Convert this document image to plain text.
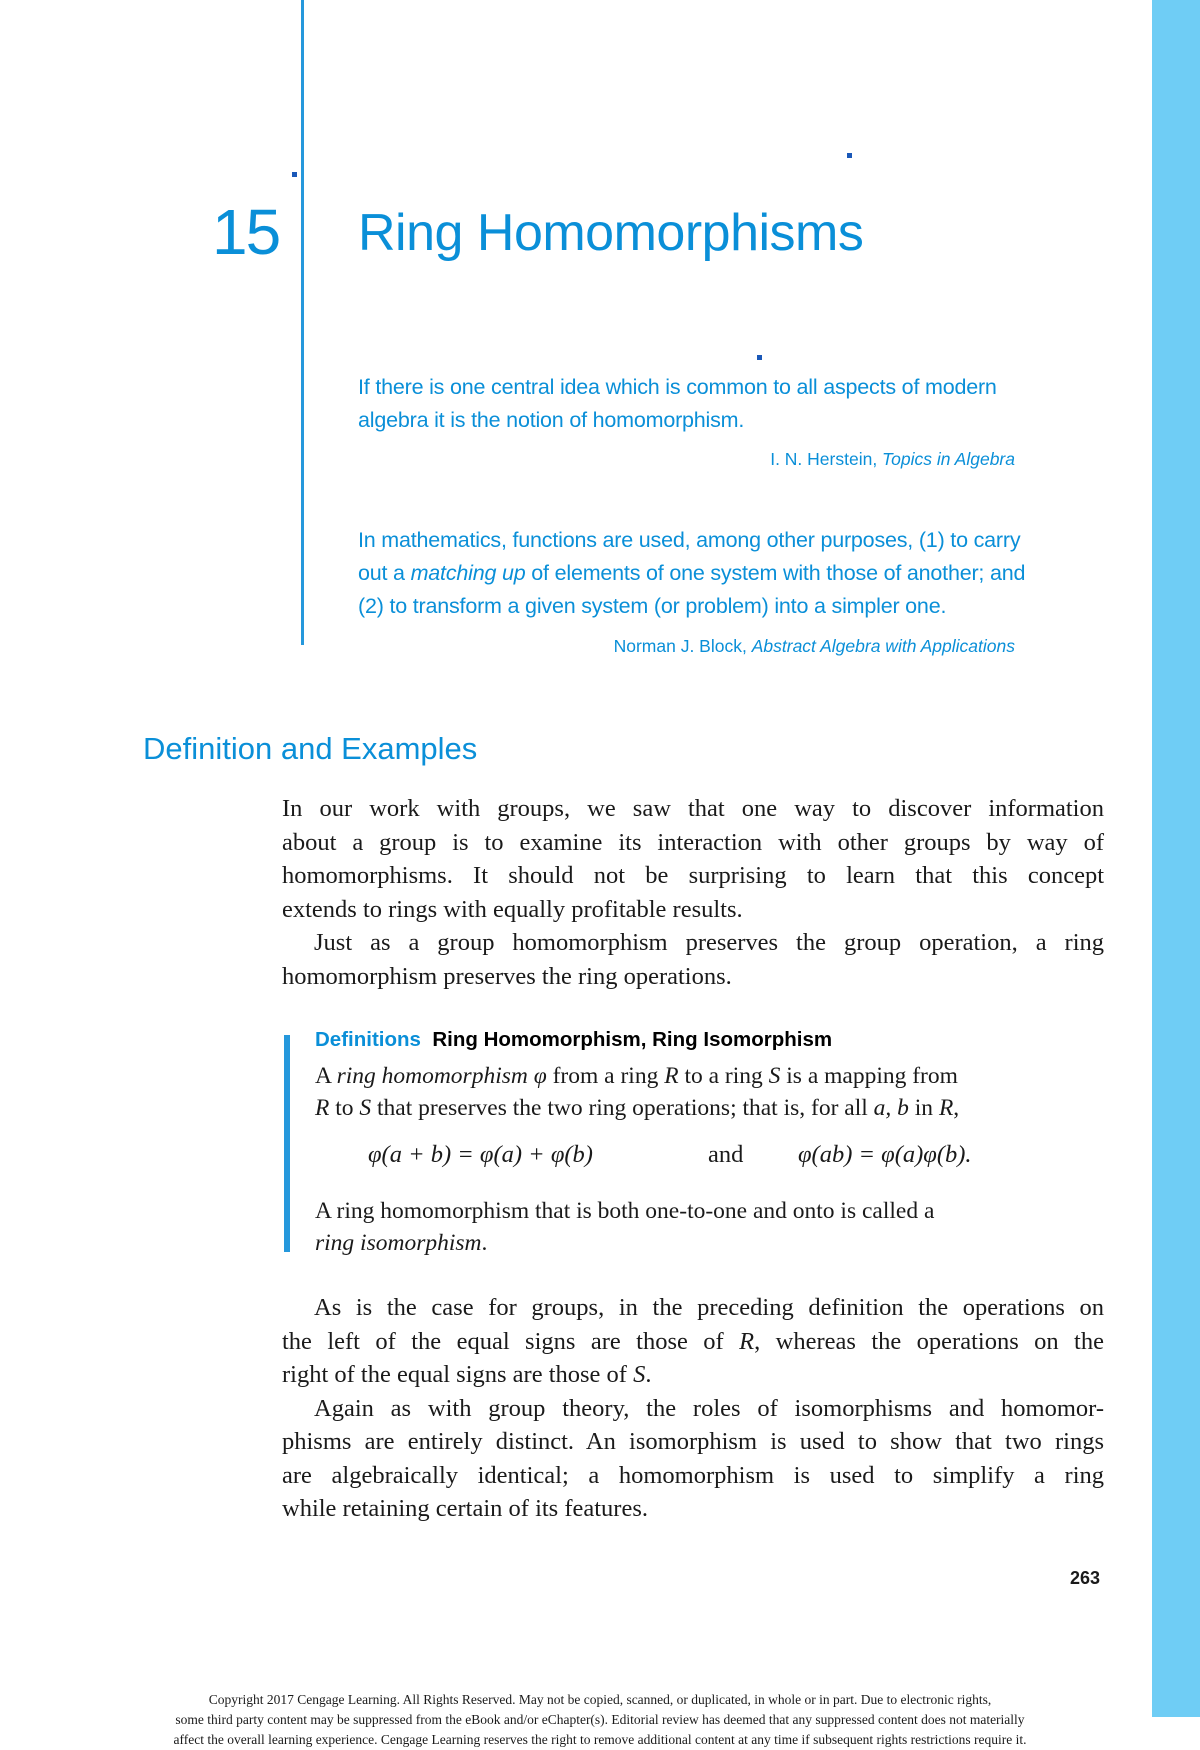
15 Ring Homomorphisms
If there is one central idea which is common to all aspects of modern
algebra it is the notion of homomorphism.
I. N. Herstein, Topics in Algebra
In mathematics, functions are used, among other purposes, (1) to carry
out a matching up of elements of one system with those of another; and
(2) to transform a given system (or problem) into a simpler one.
Norman J. Block, Abstract Algebra with Applications
Definition and Examples
In our work with groups, we saw that one way to discover information
about a group is to examine its interaction with other groups by way of
homomorphisms. It should not be surprising to learn that this concept
extends to rings with equally profitable results.
Just as a group homomorphism preserves the group operation, a ring
homomorphism preserves the ring operations.
Definitions Ring Homomorphism, Ring Isomorphism
A ring homomorphism φ from a ring R to a ring S is a mapping from
R to S that preserves the two ring operations; that is, for all a, b in R,
φ(a + b) = φ(a) + φ(b)	and φ(ab) = φ(a)φ(b).
A ring homomorphism that is both one-to-one and onto is called a
ring isomorphism.
As is the case for groups, in the preceding definition the operations on
the left of the equal signs are those of R, whereas the operations on the
right of the equal signs are those of S.
Again as with group theory, the roles of isomorphisms and homomor-
phisms are entirely distinct. An isomorphism is used to show that two rings
are algebraically identical; a homomorphism is used to simplify a ring
while retaining certain of its features.
263
Copyright 2017 Cengage Learning. All Rights Reserved. May not be copied, scanned, or duplicated, in whole or in part. Due to electronic rights,
some third party content may be suppressed from the eBook and/or eChapter(s). Editorial review has deemed that any suppressed content does not materially
affect the overall learning experience. Cengage Learning reserves the right to remove additional content at any time if subsequent rights restrictions require it.
